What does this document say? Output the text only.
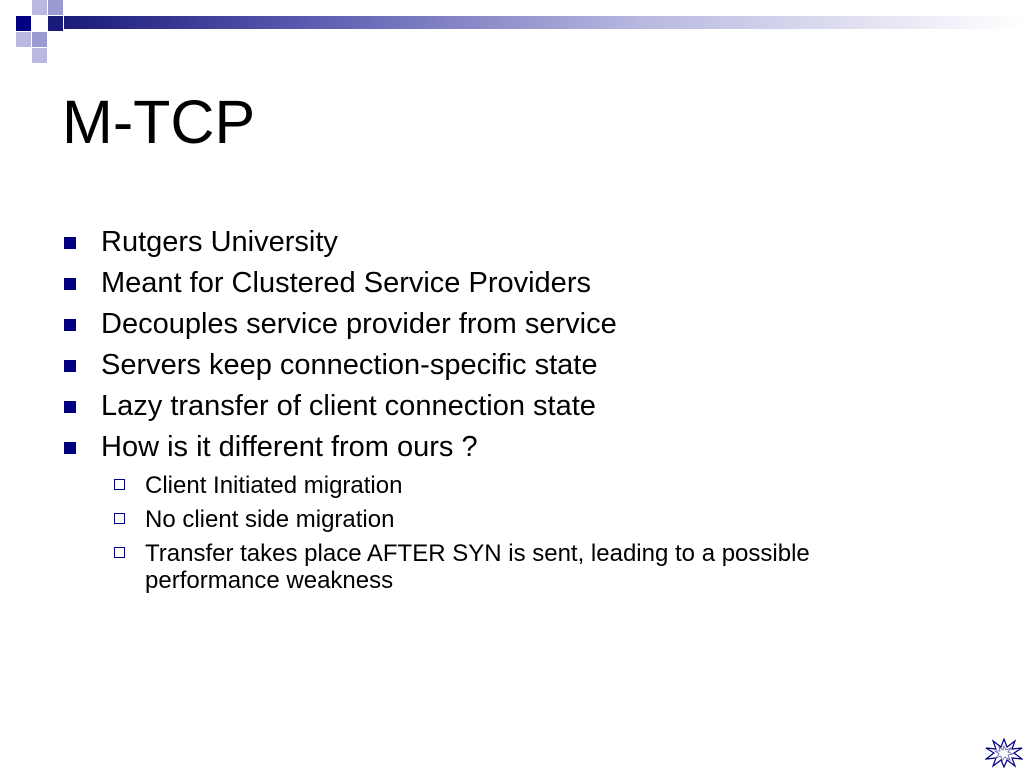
M-TCP
Rutgers University
Meant for Clustered Service Providers
Decouples service provider from service
Servers keep connection-specific state
Lazy transfer of client connection state
How is it different from ours ?
Client Initiated migration
No client side migration
Transfer takes place AFTER SYN is sent, leading to a possible performance weakness
